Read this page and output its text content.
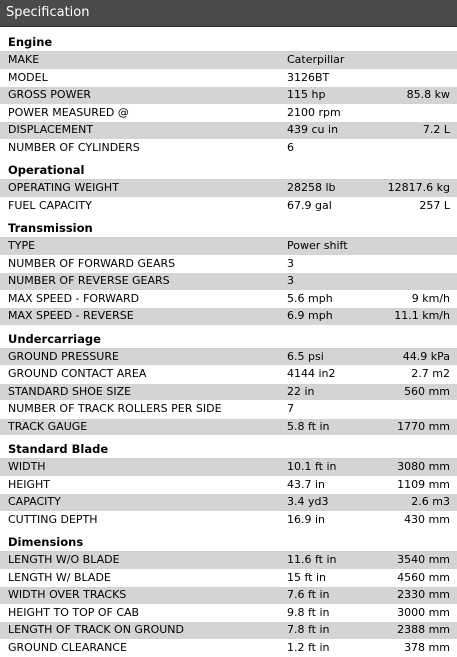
Specification
Engine
MAKE	Caterpillar
MODEL	3126BT
GROSS POWER	115 hp	85.8 kw
POWER MEASURED @	2100 rpm
DISPLACEMENT	439 cu in	7.2 L
NUMBER OF CYLINDERS	6
Operational
OPERATING WEIGHT	28258 lb	12817.6 kg
FUEL CAPACITY	67.9 gal	257 L
Transmission
TYPE	Power shift
NUMBER OF FORWARD GEARS	3
NUMBER OF REVERSE GEARS	3
MAX SPEED - FORWARD	5.6 mph	9 km/h
MAX SPEED - REVERSE	6.9 mph	11.1 km/h
Undercarriage
GROUND PRESSURE	6.5 psi	44.9 kPa
GROUND CONTACT AREA	4144 in2	2.7 m2
STANDARD SHOE SIZE	22 in	560 mm
NUMBER OF TRACK ROLLERS PER SIDE	7
TRACK GAUGE	5.8 ft in	1770 mm
Standard Blade
WIDTH	10.1 ft in	3080 mm
HEIGHT	43.7 in	1109 mm
CAPACITY	3.4 yd3	2.6 m3
CUTTING DEPTH	16.9 in	430 mm
Dimensions
LENGTH W/O BLADE	11.6 ft in	3540 mm
LENGTH W/ BLADE	15 ft in	4560 mm
WIDTH OVER TRACKS	7.6 ft in	2330 mm
HEIGHT TO TOP OF CAB	9.8 ft in	3000 mm
LENGTH OF TRACK ON GROUND	7.8 ft in	2388 mm
GROUND CLEARANCE	1.2 ft in	378 mm
